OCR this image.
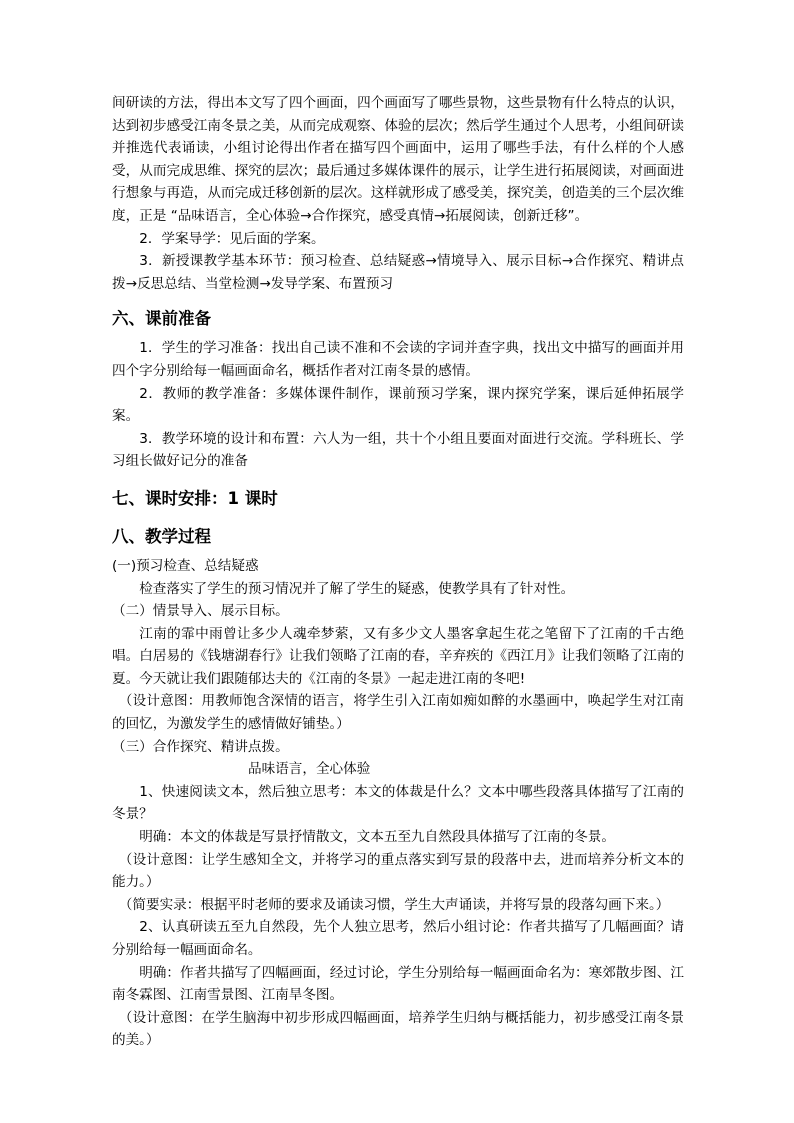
间研读的方法，得出本文写了四个画面，四个画面写了哪些景物，这些景物有什么特点的认识，达到初步感受江南冬景之美，从而完成观察、体验的层次；然后学生通过个人思考，小组间研读并推选代表诵读，小组讨论得出作者在描写四个画面中，运用了哪些手法，有什么样的个人感受，从而完成思维、探究的层次；最后通过多媒体课件的展示，让学生进行拓展阅读，对画面进行想象与再造，从而完成迁移创新的层次。这样就形成了感受美，探究美，创造美的三个层次维度，正是 “品味语言，全心体验→合作探究，感受真情→拓展阅读，创新迁移”。

2．学案导学：见后面的学案。

3．新授课教学基本环节：预习检查、总结疑惑→情境导入、展示目标→合作探究、精讲点拨→反思总结、当堂检测→发导学案、布置预习

六、课前准备

1．学生的学习准备：找出自己读不准和不会读的字词并查字典，找出文中描写的画面并用四个字分别给每一幅画面命名，概括作者对江南冬景的感情。

2．教师的教学准备：多媒体课件制作，课前预习学案，课内探究学案，课后延伸拓展学案。

3．教学环境的设计和布置：六人为一组，共十个小组且要面对面进行交流。学科班长、学习组长做好记分的准备

七、课时安排：1 课时
八、教学过程

(一)预习检查、总结疑惑

检查落实了学生的预习情况并了解了学生的疑惑，使教学具有了针对性。

（二）情景导入、展示目标。

江南的霏中雨曾让多少人魂牵梦萦，又有多少文人墨客拿起生花之笔留下了江南的千古绝唱。白居易的《钱塘湖春行》让我们领略了江南的春，辛弃疾的《西江月》让我们领略了江南的夏。今天就让我们跟随郁达夫的《江南的冬景》一起走进江南的冬吧!

（设计意图：用教师饱含深情的语言，将学生引入江南如痴如醉的水墨画中，唤起学生对江南的回忆，为激发学生的感情做好铺垫。）

（三）合作探究、精讲点拨。

品味语言，全心体验

1、快速阅读文本，然后独立思考：本文的体裁是什么？文本中哪些段落具体描写了江南的冬景？

明确：本文的体裁是写景抒情散文，文本五至九自然段具体描写了江南的冬景。

（设计意图：让学生感知全文，并将学习的重点落实到写景的段落中去，进而培养分析文本的能力。）

（简要实录：根据平时老师的要求及诵读习惯，学生大声诵读，并将写景的段落勾画下来。）

2、认真研读五至九自然段，先个人独立思考，然后小组讨论：作者共描写了几幅画面？请分别给每一幅画面命名。

明确：作者共描写了四幅画面，经过讨论，学生分别给每一幅画面命名为：寒郊散步图、江南冬霖图、江南雪景图、江南旱冬图。

（设计意图：在学生脑海中初步形成四幅画面，培养学生归纳与概括能力，初步感受江南冬景的美。）
